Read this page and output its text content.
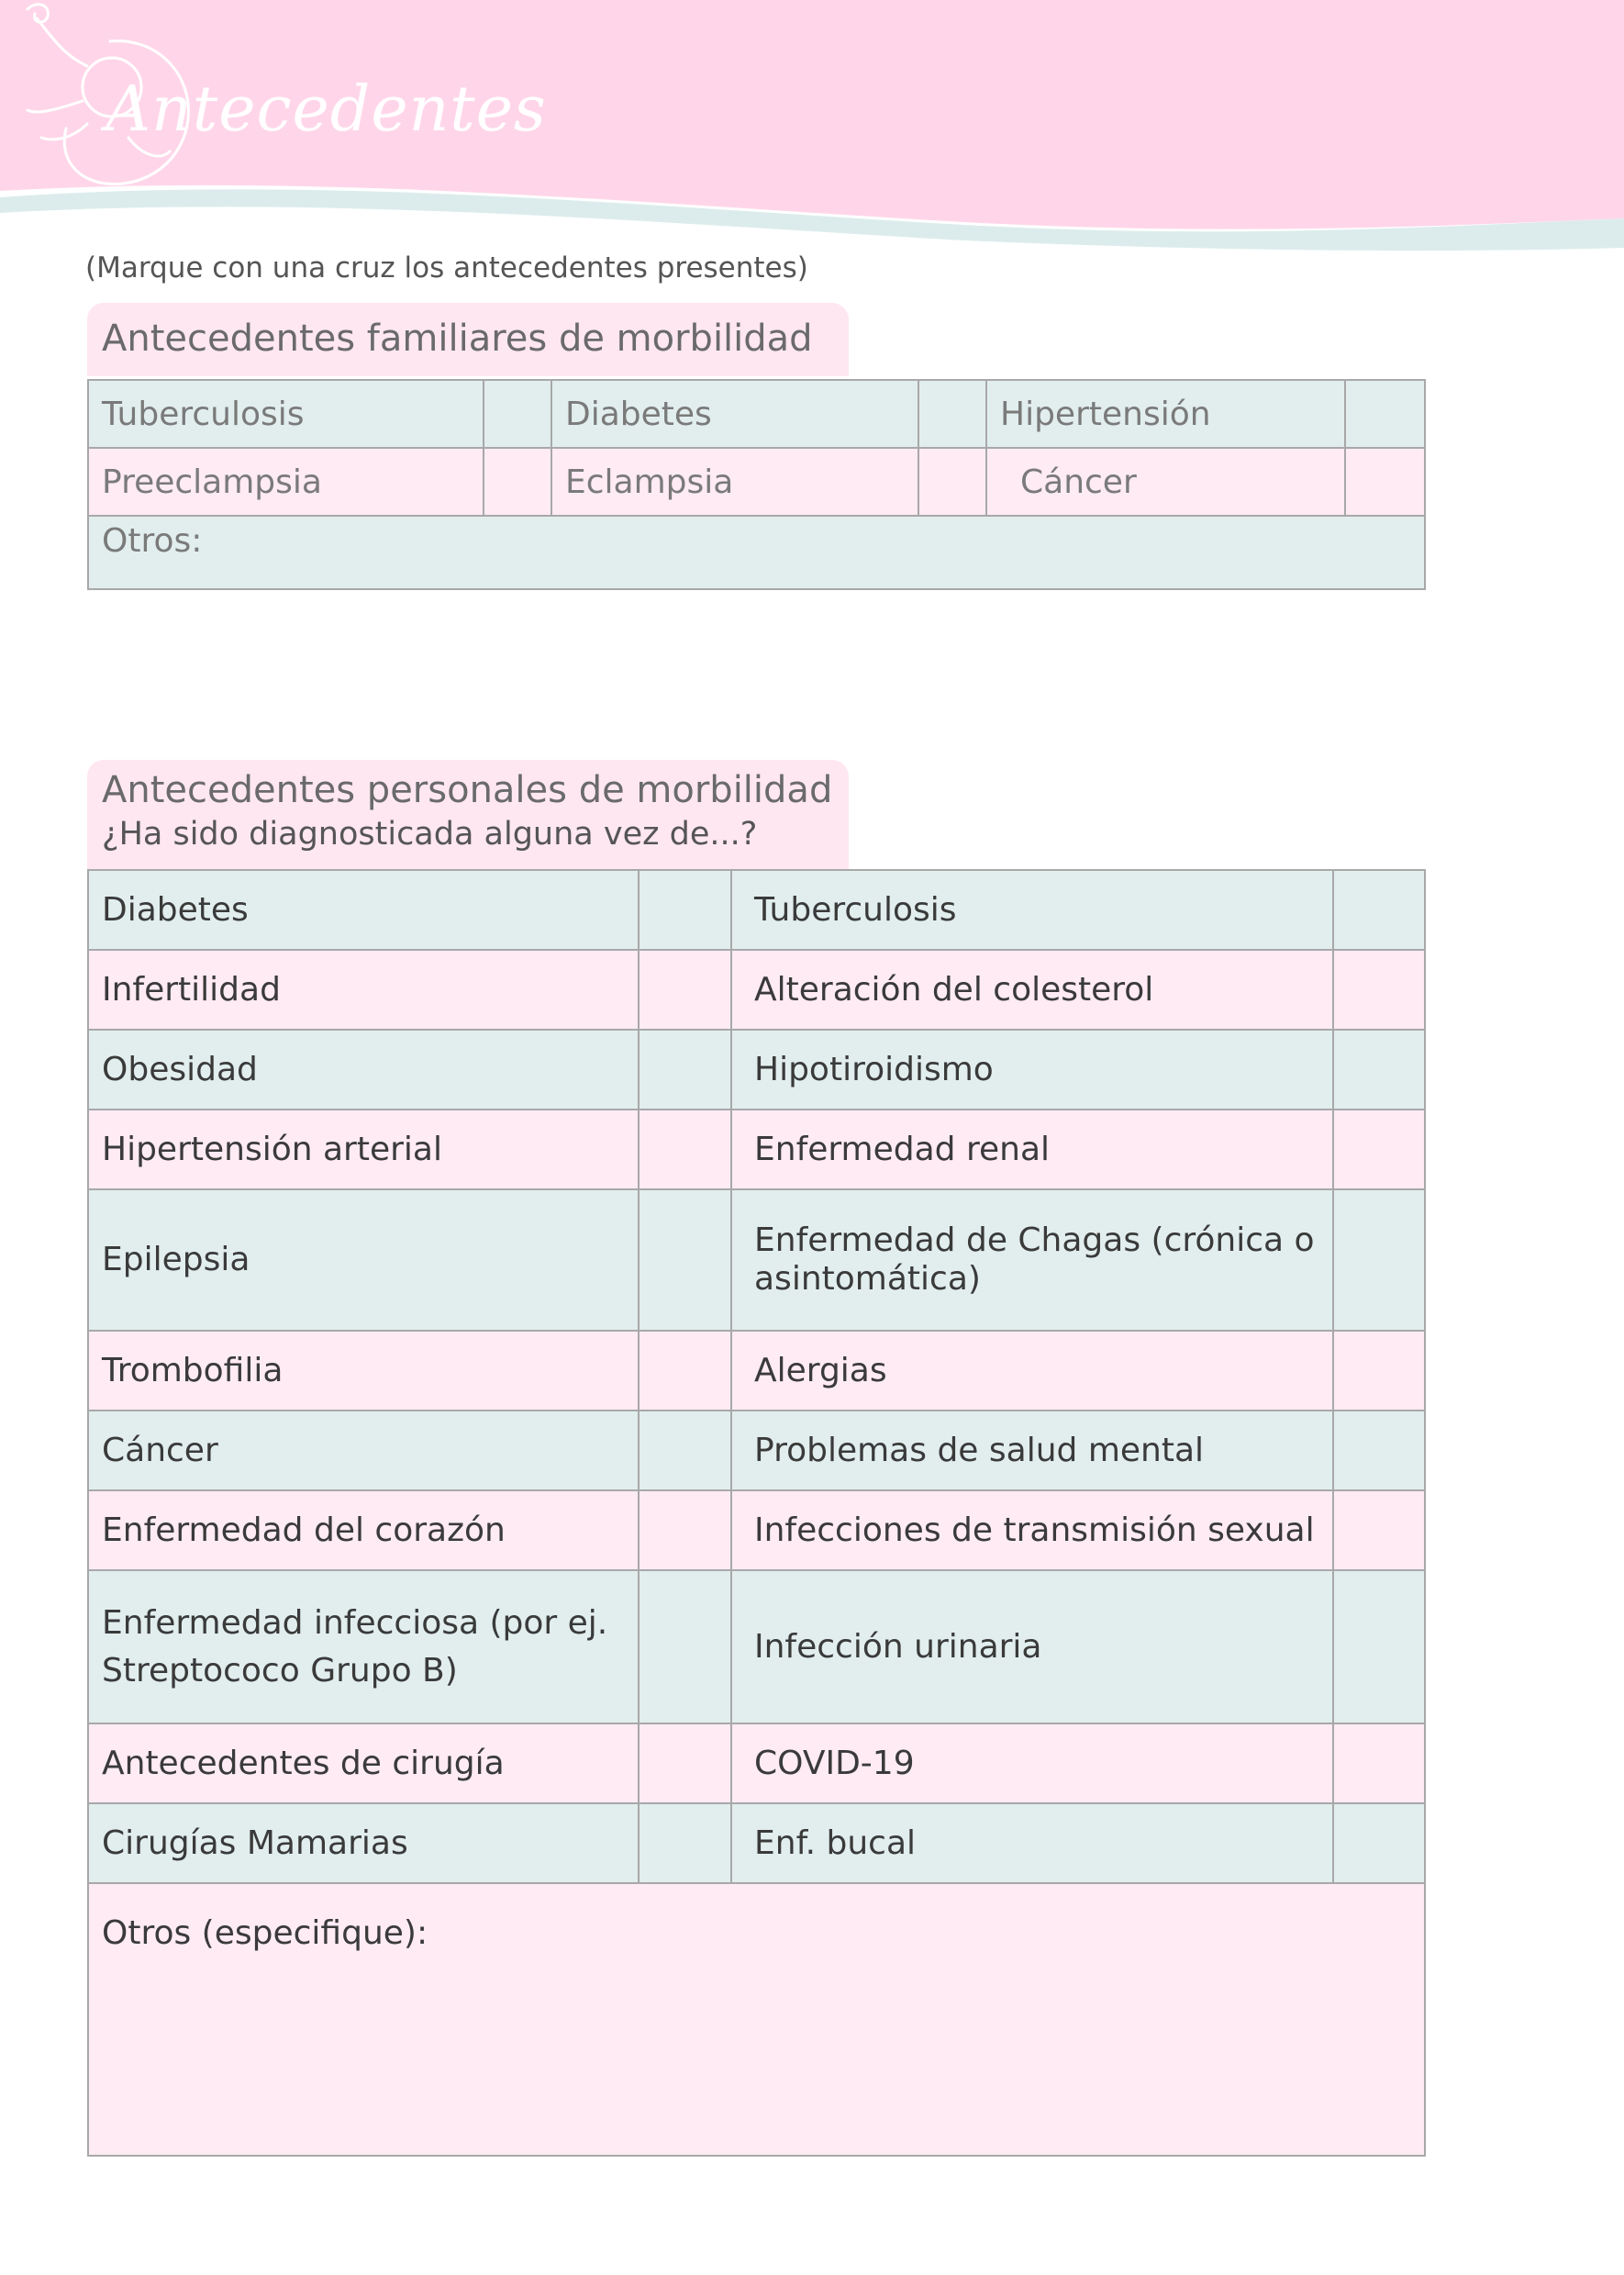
Antecedentes
(Marque con una cruz los antecedentes presentes)
Antecedentes familiares de morbilidad
Tuberculosis		Diabetes		Hipertensión	
Preeclampsia		Eclampsia		Cáncer	
Otros:					
Antecedentes personales de morbilidad
¿Ha sido diagnosticada alguna vez de...?
Diabetes		Tuberculosis	
Infertilidad		Alteración del colesterol	
Obesidad		Hipotiroidismo	
Hipertensión arterial		Enfermedad renal	
Epilepsia		Enfermedad de Chagas (crónica o asintomática)	
Trombofilia		Alergias	
Cáncer		Problemas de salud mental	
Enfermedad del corazón		Infecciones de transmisión sexual	
Enfermedad infecciosa (por ej. Streptococo Grupo B)		Infección urinaria	
Antecedentes de cirugía		COVID-19	
Cirugías Mamarias		Enf. bucal	
Otros (especifique):			
